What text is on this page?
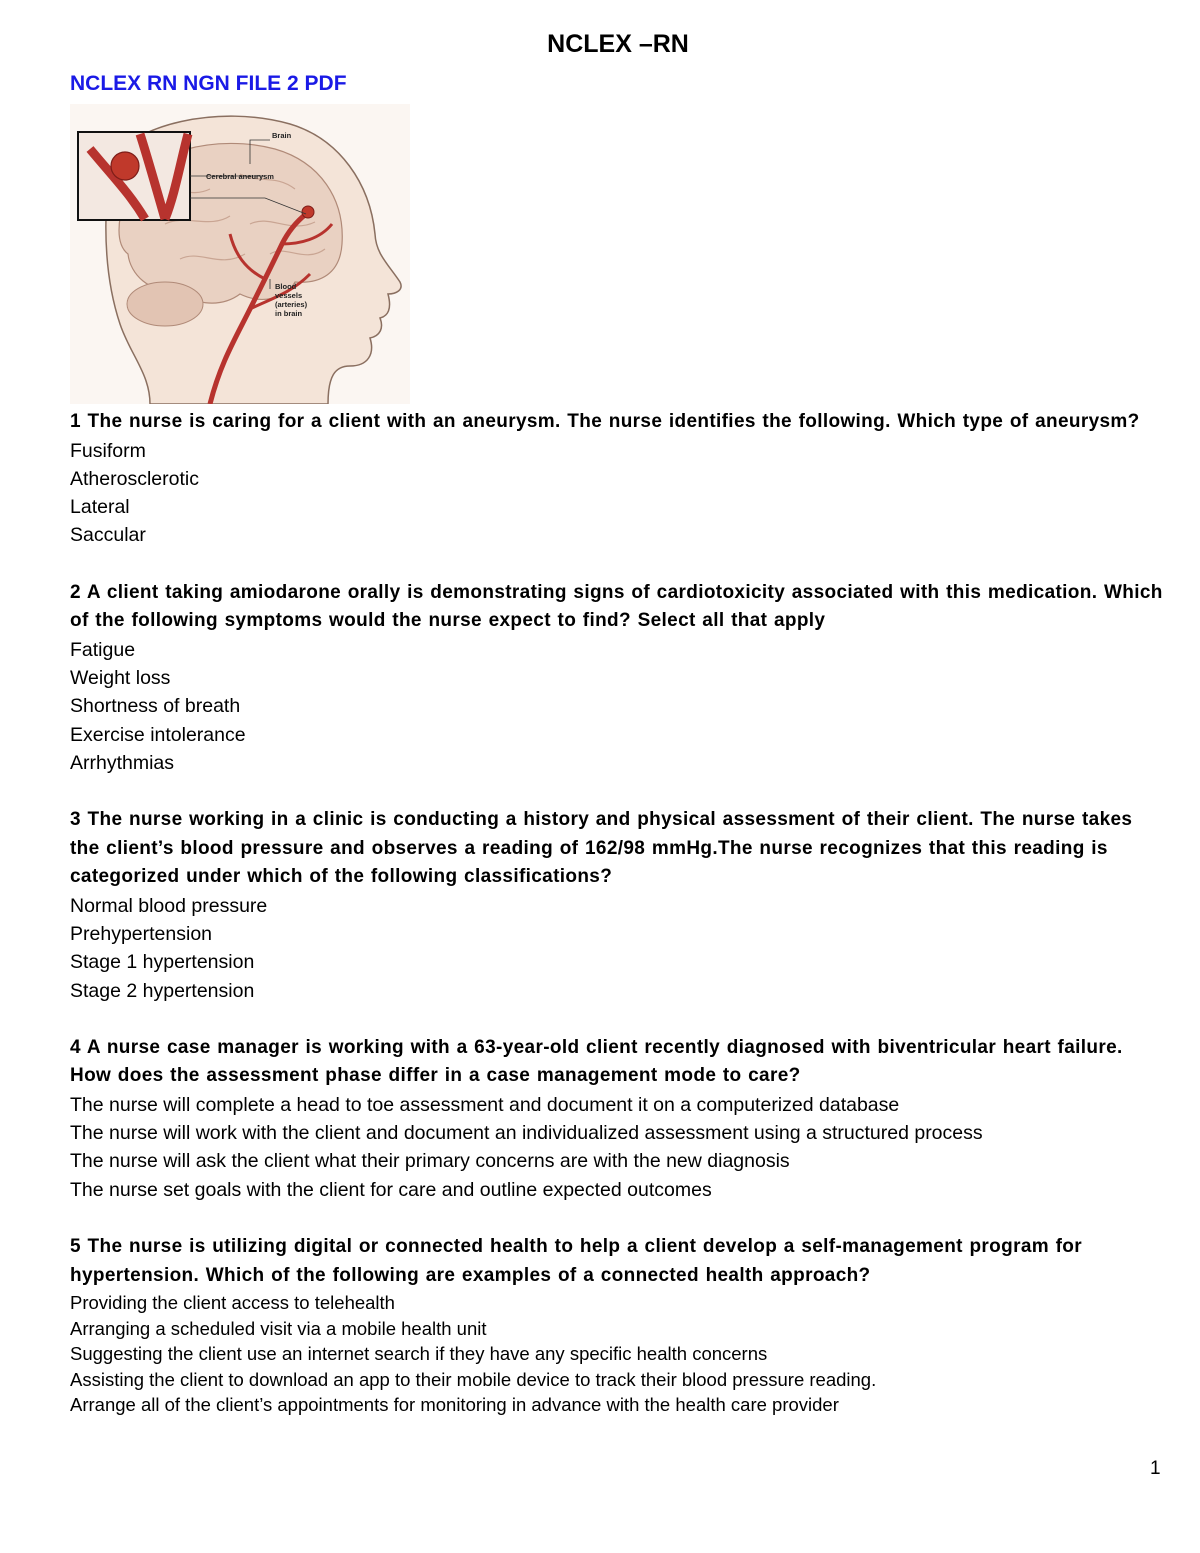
NCLEX –RN
NCLEX RN NGN FILE 2 PDF
Brain
Cerebral aneurysm
Blood
vessels
(arteries)
in brain

1 The nurse is caring for a client with an aneurysm. The nurse identifies the following. Which type of aneurysm?

Fusiform
Atherosclerotic
Lateral
Saccular

2 A client taking amiodarone orally is demonstrating signs of cardiotoxicity associated with this medication. Which of the following symptoms would the nurse expect to find? Select all that apply

Fatigue
Weight loss
Shortness of breath
Exercise intolerance
Arrhythmias

3 The nurse working in a clinic is conducting a history and physical assessment of their client. The nurse takes the client’s blood pressure and observes a reading of 162/98 mmHg.The nurse recognizes that this reading is categorized under which of the following classifications?

Normal blood pressure
Prehypertension
Stage 1 hypertension
Stage 2 hypertension

4 A nurse case manager is working with a 63-year-old client recently diagnosed with biventricular heart failure. How does the assessment phase differ in a case management mode to care?

The nurse will complete a head to toe assessment and document it on a computerized database
The nurse will work with the client and document an individualized assessment using a structured process
The nurse will ask the client what their primary concerns are with the new diagnosis
The nurse set goals with the client for care and outline expected outcomes

5 The nurse is utilizing digital or connected health to help a client develop a self-management program for hypertension. Which of the following are examples of a connected health approach?

Providing the client access to telehealth
Arranging a scheduled visit via a mobile health unit
Suggesting the client use an internet search if they have any specific health concerns
Assisting the client to download an app to their mobile device to track their blood pressure reading.
Arrange all of the client’s appointments for monitoring in advance with the health care provider
1
